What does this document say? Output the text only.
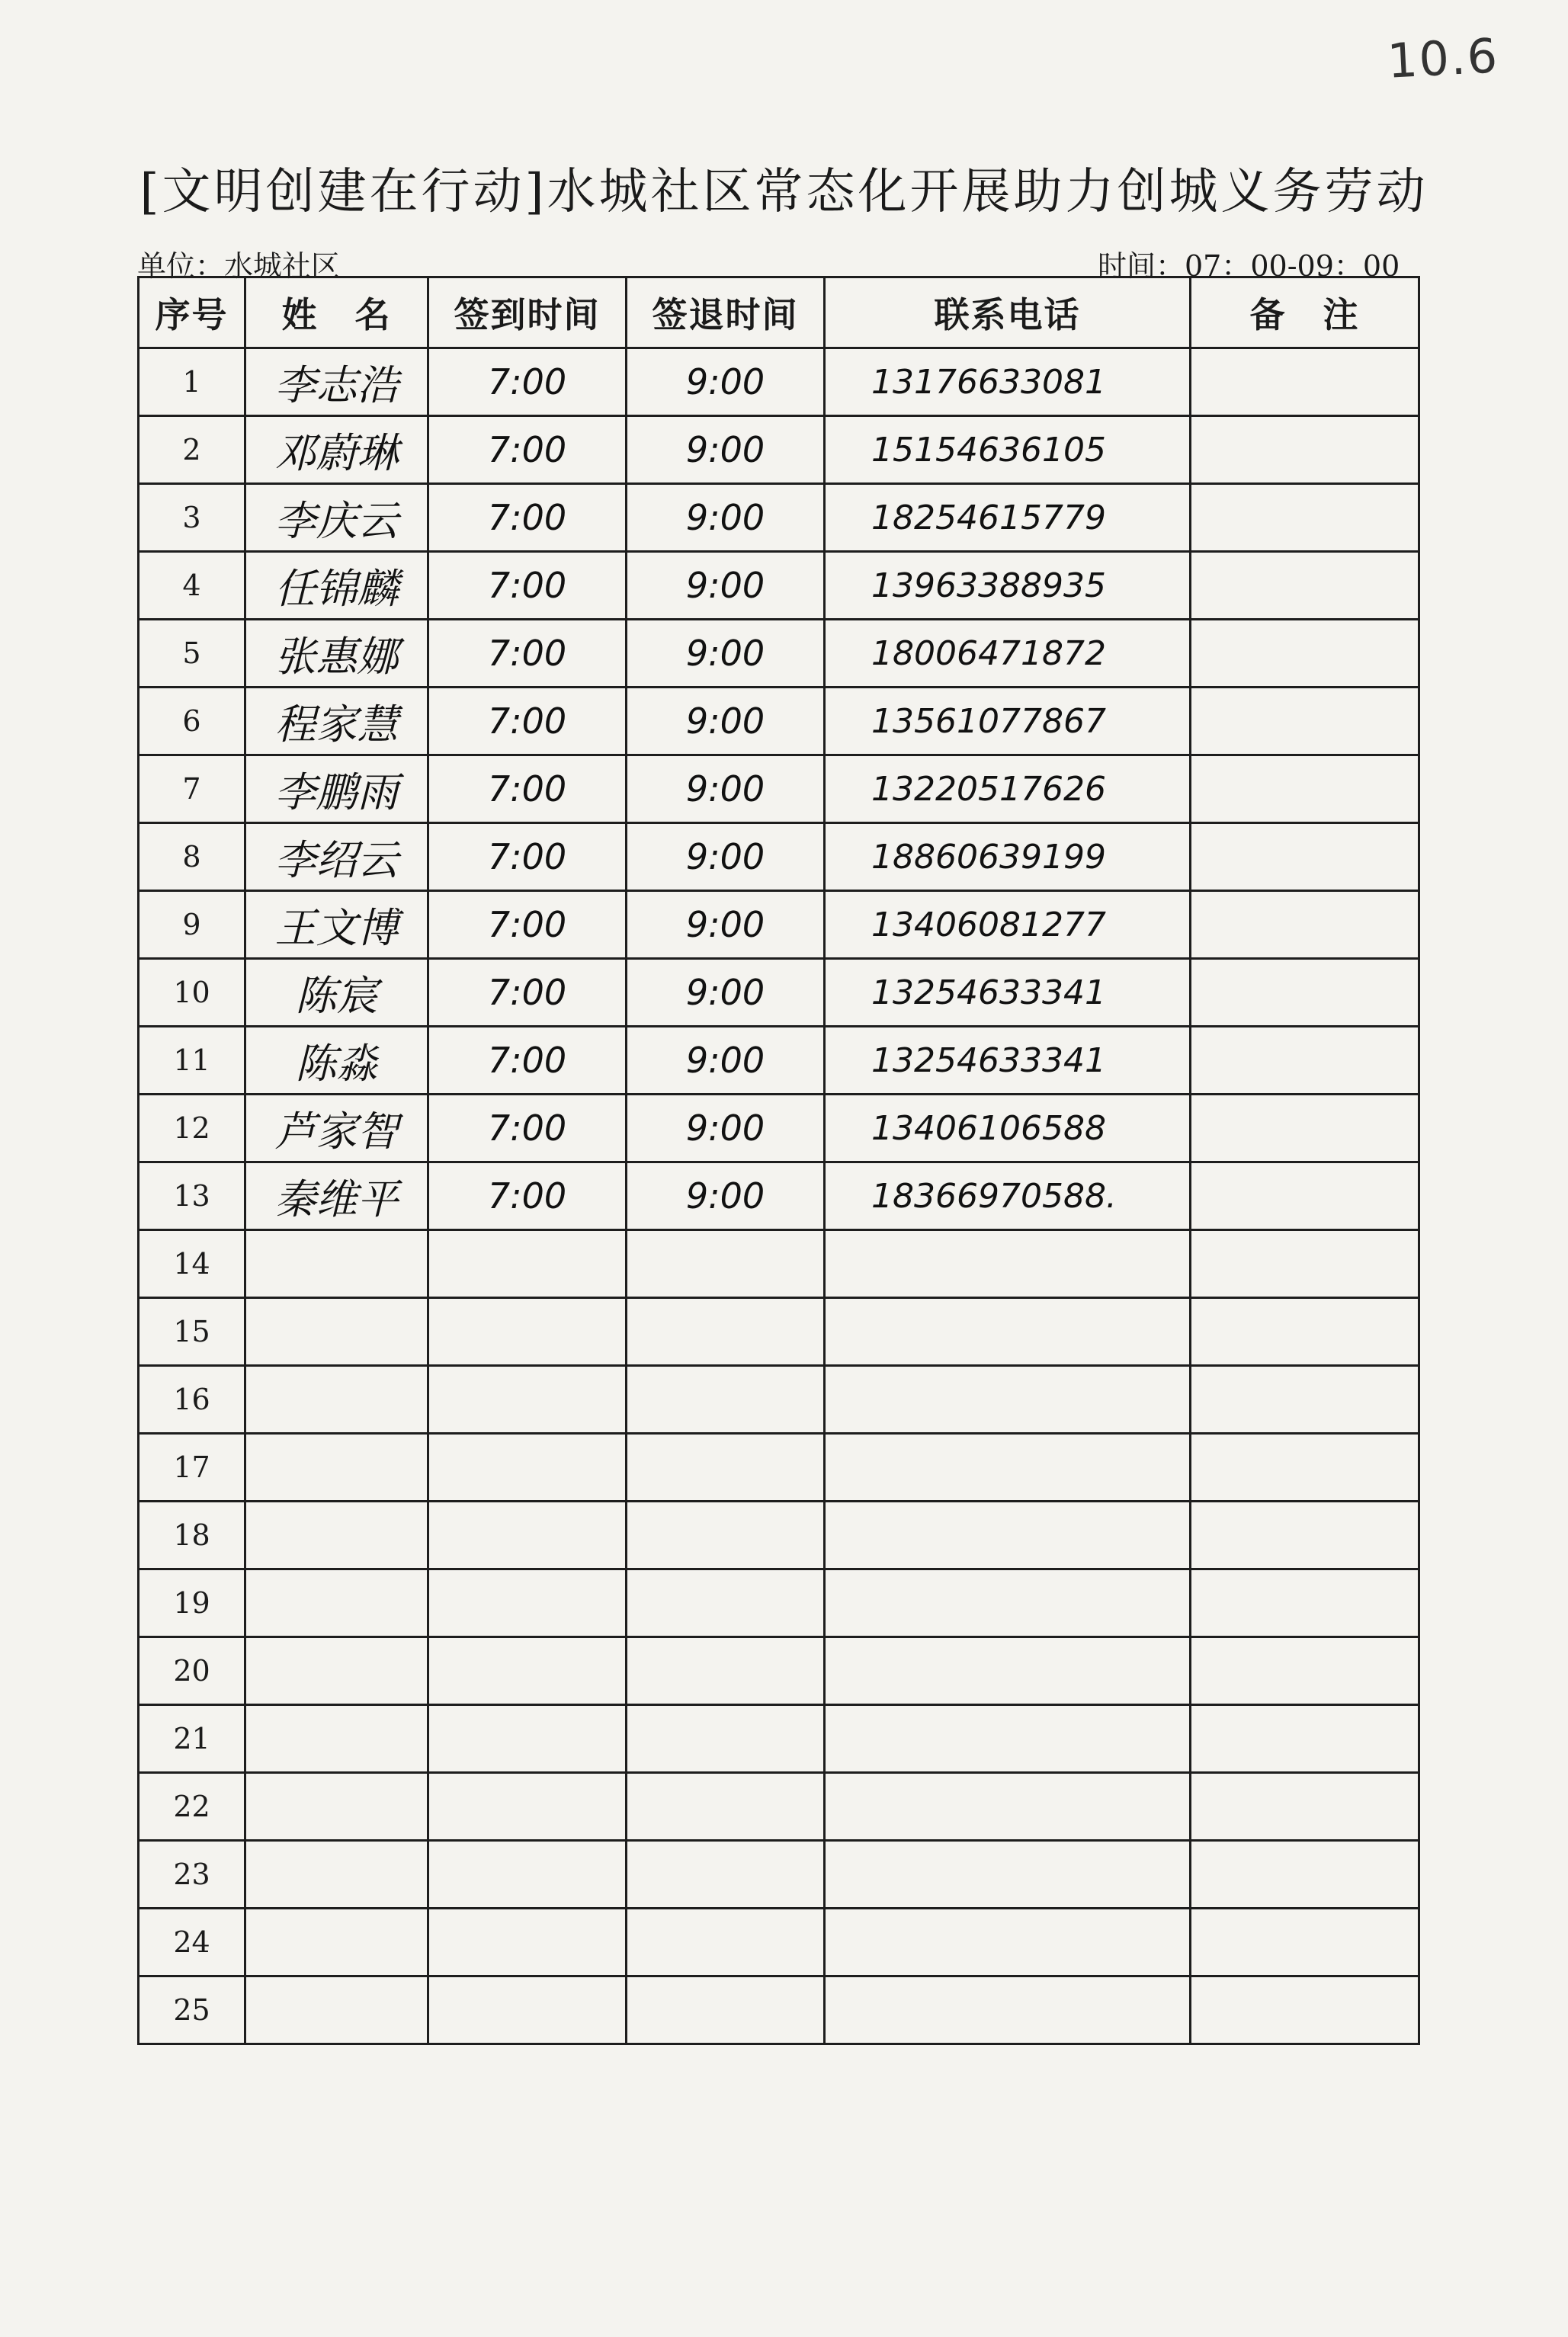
10.6
[文明创建在行动]水城社区常态化开展助力创城义务劳动
单位：水城社区	时间：07：00-09：00
序号	姓　名	签到时间	签退时间	联系电话	备　注
1	李志浩	7:00	9:00	13176633081	
2	邓蔚琳	7:00	9:00	15154636105	
3	李庆云	7:00	9:00	18254615779	
4	任锦麟	7:00	9:00	13963388935	
5	张惠娜	7:00	9:00	18006471872	
6	程家慧	7:00	9:00	13561077867	
7	李鹏雨	7:00	9:00	13220517626	
8	李绍云	7:00	9:00	18860639199	
9	王文博	7:00	9:00	13406081277	
10	陈宸	7:00	9:00	13254633341	
11	陈淼	7:00	9:00	13254633341	
12	芦家智	7:00	9:00	13406106588	
13	秦维平	7:00	9:00	18366970588.	
14					
15					
16					
17					
18					
19					
20					
21					
22					
23					
24					
25					
